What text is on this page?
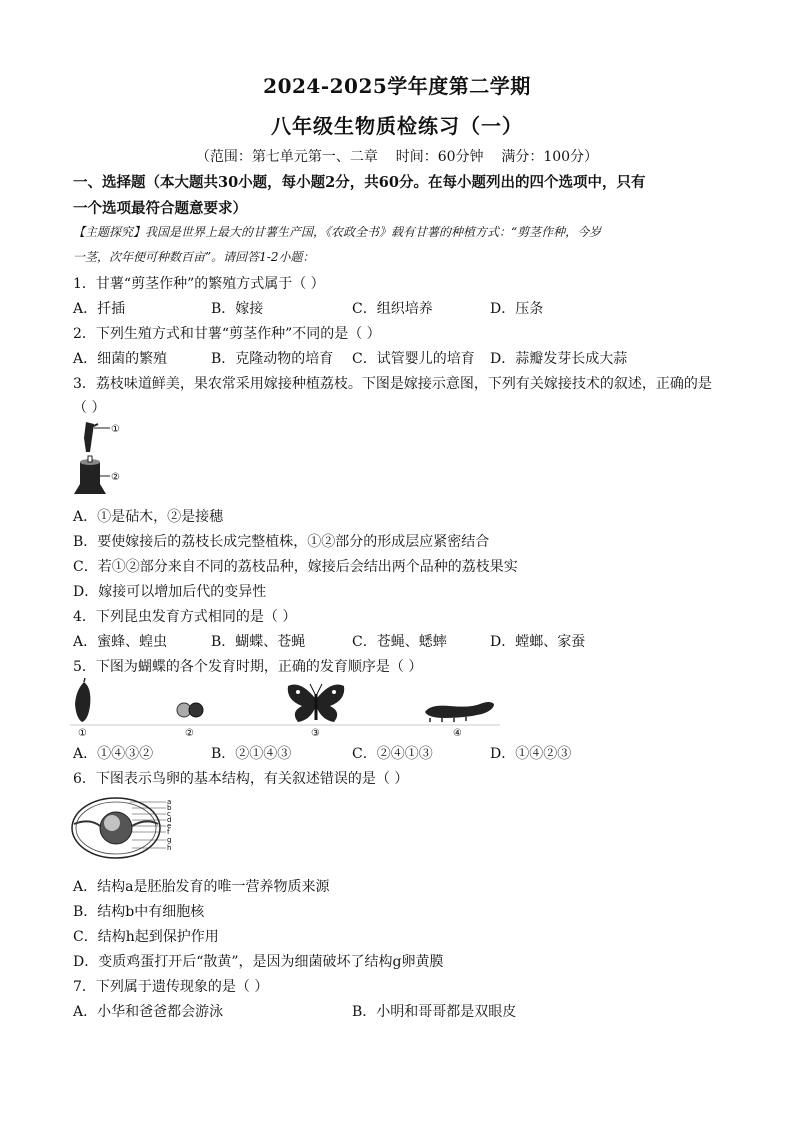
2024-2025学年度第二学期
八年级生物质检练习（一）
（范围：第七单元第一、二章    时间：60分钟    满分：100分）
一、选择题（本大题共30小题，每小题2分，共60分。在每小题列出的四个选项中，只有
一个选项最符合题意要求）
【主题探究】我国是世界上最大的甘薯生产国，《农政全书》载有甘薯的种植方式：“剪茎作种，今岁
一茎，次年便可种数百亩”。请回答1-2小题：
1．甘薯“剪茎作种”的繁殖方式属于（ ）
A．扦插	B．嫁接	C．组织培养	D．压条
2．下列生殖方式和甘薯“剪茎作种”不同的是（ ）
A．细菌的繁殖	B．克隆动物的培育 C．试管婴儿的培育 D．蒜瓣发芽长成大蒜
3．荔枝味道鲜美，果农常采用嫁接种植荔枝。下图是嫁接示意图，下列有关嫁接技术的叙述，正确的是
（ ）
①
②
A．①是砧木，②是接穗
B．要使嫁接后的荔枝长成完整植株，①②部分的形成层应紧密结合
C．若①②部分来自不同的荔枝品种，嫁接后会结出两个品种的荔枝果实
D．嫁接可以增加后代的变异性
4．下列昆虫发育方式相同的是（ ）
A．蜜蜂、蝗虫	B．蝴蝶、苍蝇	C．苍蝇、蟋蟀	D．螳螂、家蚕
5．下图为蝴蝶的各个发育时期，正确的发育顺序是（ ）
①	②	③	④
A．①④③②	B．②①④③	C．②④①③	D．①④②③
6．下图表示鸟卵的基本结构，有关叙述错误的是（ ）
a
b
c
d
e
f
g
h
A．结构a是胚胎发育的唯一营养物质来源
B．结构b中有细胞核
C．结构h起到保护作用
D．变质鸡蛋打开后“散黄”，是因为细菌破坏了结构g卵黄膜
7．下列属于遗传现象的是（ ）
A．小华和爸爸都会游泳	B．小明和哥哥都是双眼皮
